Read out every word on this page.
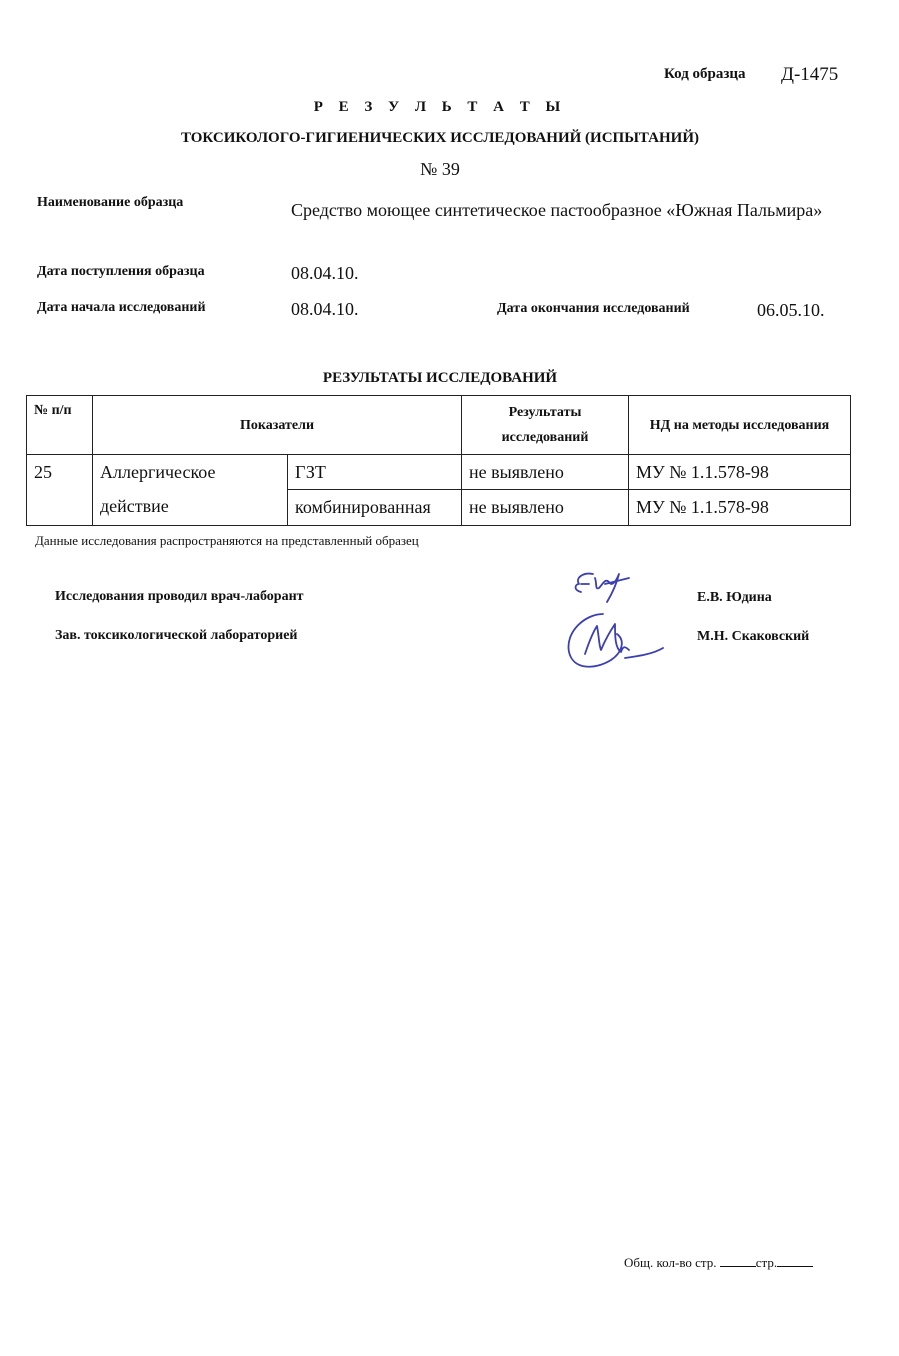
Код образца Д-1475
Р Е З У Л Ь Т А Т Ы
ТОКСИКОЛОГО-ГИГИЕНИЧЕСКИХ ИССЛЕДОВАНИЙ (ИСПЫТАНИЙ)
№ 39
Наименование образца	Средство моющее синтетическое пастообразное «Южная Пальмира»
Дата поступления образца	08.04.10.
Дата начала исследований	08.04.10.	Дата окончания исследований	06.05.10.
РЕЗУЛЬТАТЫ ИССЛЕДОВАНИЙ
№ п/п	Показатели		Результаты исследований	НД на методы исследования
25	Аллергическое действие	ГЗТ	не выявлено	МУ № 1.1.578-98
		комбинированная	не выявлено	МУ № 1.1.578-98
Данные исследования распространяются на представленный образец
Исследования проводил врач-лаборант	Е.В. Юдина
Зав. токсикологической лабораторией	М.Н. Скаковский
Общ. кол-во стр.	стр.
